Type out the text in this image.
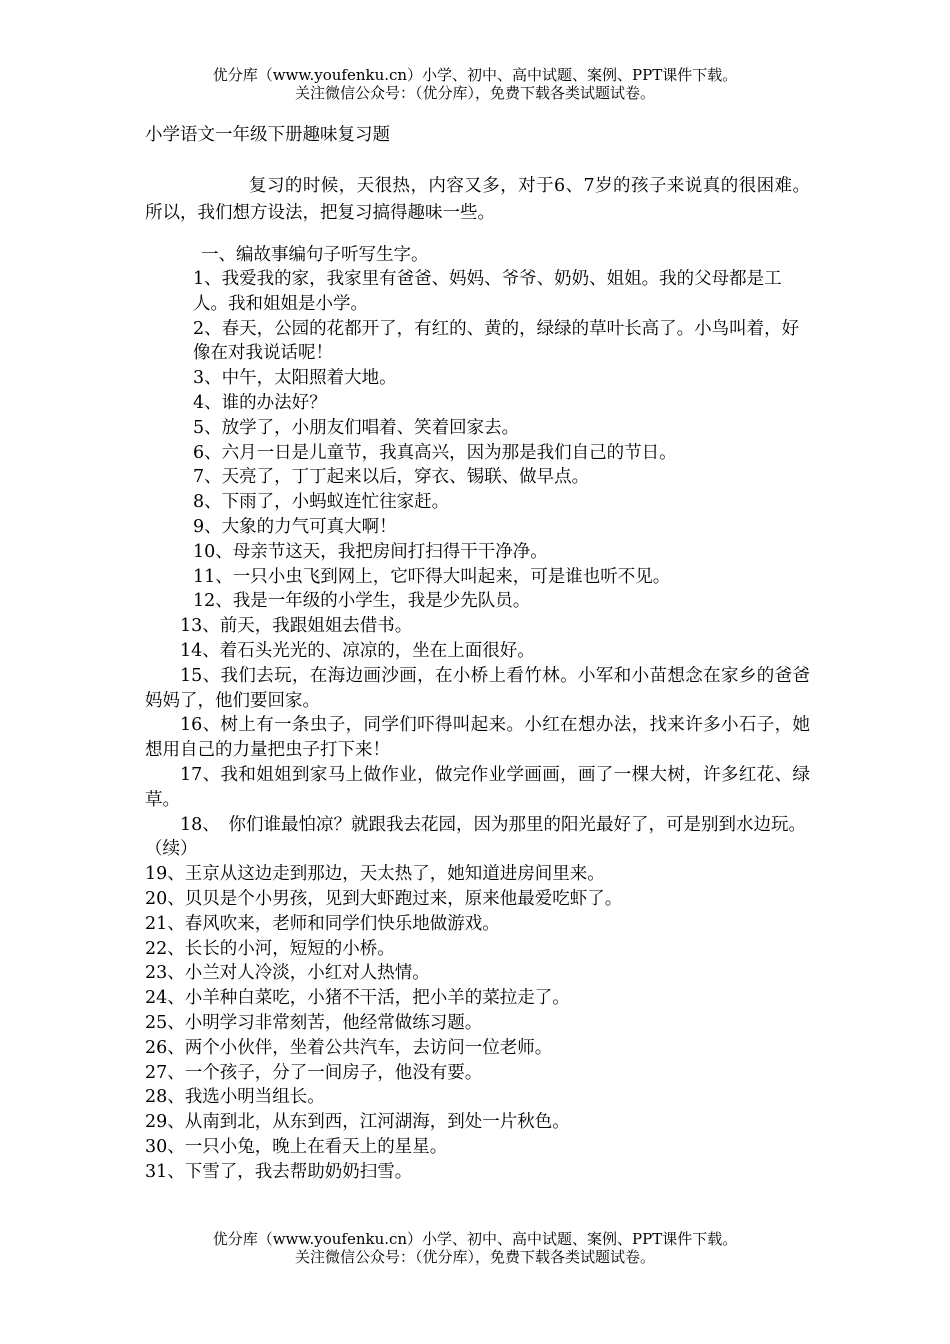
优分库（www.youfenku.cn）小学、初中、高中试题、案例、PPT课件下载。
关注微信公众号：（优分库），免费下载各类试题试卷。

小学语文一年级下册趣味复习题

复习的时候，天很热，内容又多，对于6、7岁的孩子来说真的很困难。所以，我们想方设法，把复习搞得趣味一些。

一、编故事编句子听写生字。

1、我爱我的家，我家里有爸爸、妈妈、爷爷、奶奶、姐姐。我的父母都是工人。我和姐姐是小学。

2、春天，公园的花都开了，有红的、黄的，绿绿的草叶长高了。小鸟叫着，好像在对我说话呢！

3、中午，太阳照着大地。

4、谁的办法好？

5、放学了，小朋友们唱着、笑着回家去。

6、六月一日是儿童节，我真高兴，因为那是我们自己的节日。

7、天亮了，丁丁起来以后，穿衣、锡联、做早点。

8、下雨了，小蚂蚁连忙往家赶。

9、大象的力气可真大啊！

10、母亲节这天，我把房间打扫得干干净净。

11、一只小虫飞到网上，它吓得大叫起来，可是谁也听不见。

12、我是一年级的小学生，我是少先队员。

13、前天，我跟姐姐去借书。

14、着石头光光的、凉凉的，坐在上面很好。

15、我们去玩，在海边画沙画，在小桥上看竹林。小军和小苗想念在家乡的爸爸妈妈了，他们要回家。

16、树上有一条虫子，同学们吓得叫起来。小红在想办法，找来许多小石子，她想用自己的力量把虫子打下来！

17、我和姐姐到家马上做作业，做完作业学画画，画了一棵大树，许多红花、绿草。

18、　你们谁最怕凉？就跟我去花园，因为那里的阳光最好了，可是别到水边玩。

（续）

19、王京从这边走到那边，天太热了，她知道进房间里来。

20、贝贝是个小男孩，见到大虾跑过来，原来他最爱吃虾了。

21、春风吹来，老师和同学们快乐地做游戏。

22、长长的小河，短短的小桥。

23、小兰对人冷淡，小红对人热情。

24、小羊种白菜吃，小猪不干活，把小羊的菜拉走了。

25、小明学习非常刻苦，他经常做练习题。

26、两个小伙伴，坐着公共汽车，去访问一位老师。

27、一个孩子，分了一间房子，他没有要。

28、我选小明当组长。

29、从南到北，从东到西，江河湖海，到处一片秋色。

30、一只小兔，晚上在看天上的星星。

31、下雪了，我去帮助奶奶扫雪。

优分库（www.youfenku.cn）小学、初中、高中试题、案例、PPT课件下载。
关注微信公众号：（优分库），免费下载各类试题试卷。
